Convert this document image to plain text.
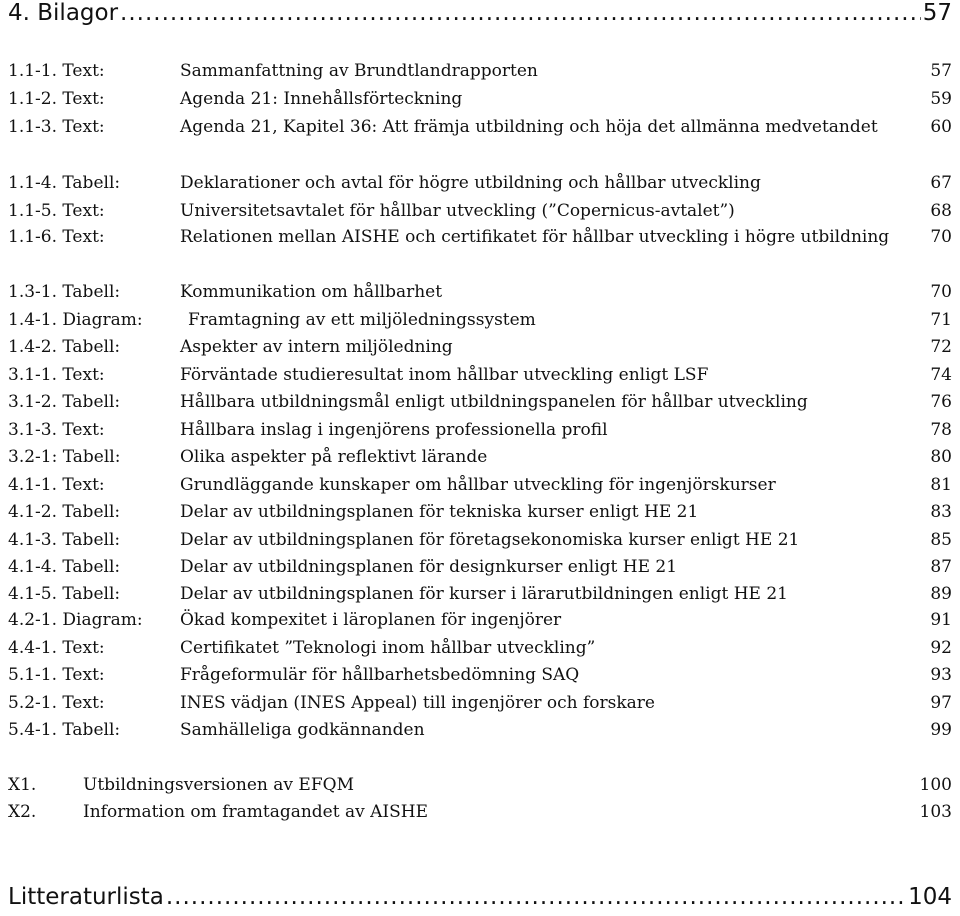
4. Bilagor .....	57
1.1-1. Text:	Sammanfattning av Brundtlandrapporten	57
1.1-2. Text:	Agenda 21: Innehållsförteckning	59
1.1-3. Text:	Agenda 21, Kapitel 36: Att främja utbildning och höja det allmänna medvetandet	60
1.1-4. Tabell:	Deklarationer och avtal för högre utbildning och hållbar utveckling	67
1.1-5. Text:	Universitetsavtalet för hållbar utveckling (”Copernicus-avtalet”)	68
1.1-6. Text:	Relationen mellan AISHE och certifikatet för hållbar utveckling i högre utbildning	70
1.3-1. Tabell:	Kommunikation om hållbarhet	70
1.4-1. Diagram:	Framtagning av ett miljöledningssystem	71
1.4-2. Tabell:	Aspekter av intern miljöledning	72
3.1-1. Text:	Förväntade studieresultat inom hållbar utveckling enligt LSF	74
3.1-2. Tabell:	Hållbara utbildningsmål enligt utbildningspanelen för hållbar utveckling	76
3.1-3. Text:	Hållbara inslag i ingenjörens professionella profil	78
3.2-1: Tabell:	Olika aspekter på reflektivt lärande	80
4.1-1. Text:	Grundläggande kunskaper om hållbar utveckling för ingenjörskurser	81
4.1-2. Tabell:	Delar av utbildningsplanen för tekniska kurser enligt HE 21	83
4.1-3. Tabell:	Delar av utbildningsplanen för företagsekonomiska kurser enligt HE 21	85
4.1-4. Tabell:	Delar av utbildningsplanen för designkurser enligt HE 21	87
4.1-5. Tabell:	Delar av utbildningsplanen för kurser i lärarutbildningen enligt HE 21	89
4.2-1. Diagram: Ökad kompexitet i läroplanen för ingenjörer	91
4.4-1. Text:	Certifikatet ”Teknologi inom hållbar utveckling”	92
5.1-1. Text:	Frågeformulär för hållbarhetsbedömning SAQ	93
5.2-1. Text:	INES vädjan (INES Appeal) till ingenjörer och forskare	97
5.4-1. Tabell:	Samhälleliga godkännanden	99
X1.	Utbildningsversionen av EFQM	100
X2.	Information om framtagandet av AISHE	103
Litteraturlista .....	104
